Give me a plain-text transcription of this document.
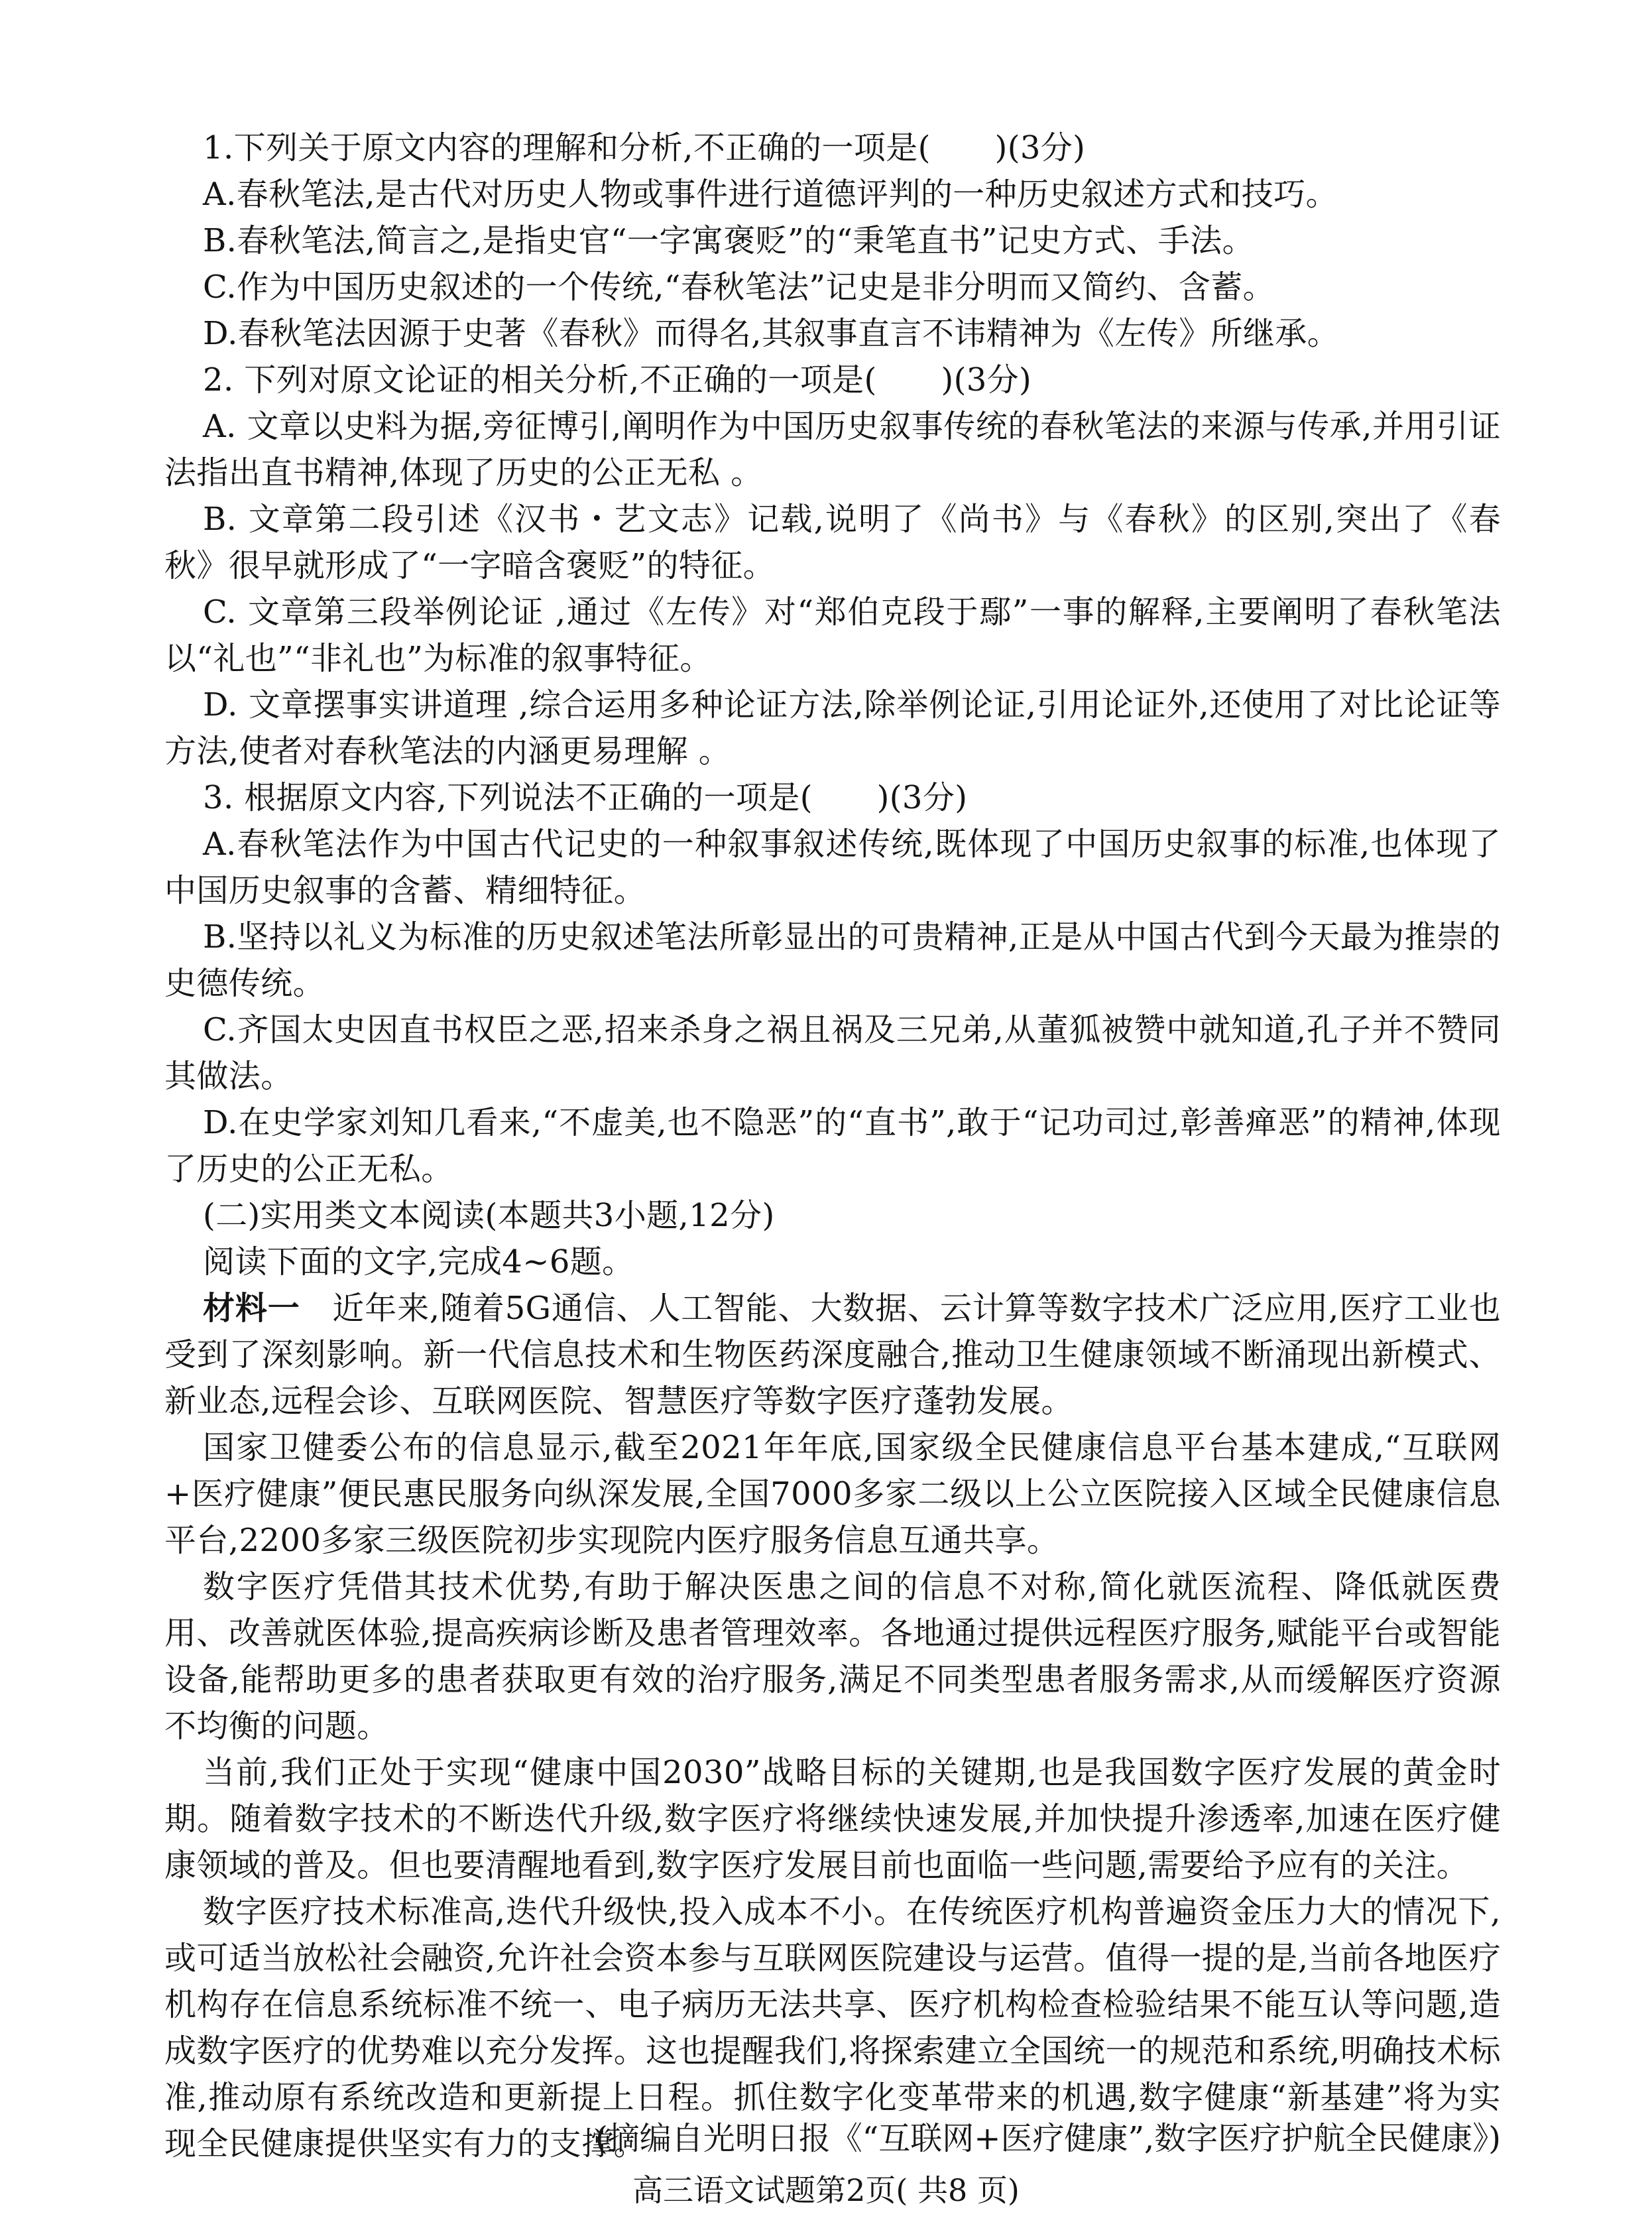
1.下列关于原文内容的理解和分析,不正确的一项是(　　)(3分)

A.春秋笔法,是古代对历史人物或事件进行道德评判的一种历史叙述方式和技巧。

B.春秋笔法,简言之,是指史官“一字寓褒贬”的“秉笔直书”记史方式、手法。

C.作为中国历史叙述的一个传统,“春秋笔法”记史是非分明而又简约、含蓄。

D.春秋笔法因源于史著《春秋》而得名,其叙事直言不讳精神为《左传》所继承。

2. 下列对原文论证的相关分析,不正确的一项是(　　)(3分)

A. 文章以史料为据,旁征博引,阐明作为中国历史叙事传统的春秋笔法的来源与传承,并用引证法指出直书精神,体现了历史的公正无私 。

B. 文章第二段引述《汉书・艺文志》记载,说明了《尚书》与《春秋》的区别,突出了《春秋》很早就形成了“一字暗含褒贬”的特征。

C. 文章第三段举例论证 ,通过《左传》对“郑伯克段于鄢”一事的解释,主要阐明了春秋笔法以“礼也”“非礼也”为标准的叙事特征。

D. 文章摆事实讲道理 ,综合运用多种论证方法,除举例论证,引用论证外,还使用了对比论证等方法,使者对春秋笔法的内涵更易理解 。

3. 根据原文内容,下列说法不正确的一项是(　　)(3分)

A.春秋笔法作为中国古代记史的一种叙事叙述传统,既体现了中国历史叙事的标准,也体现了中国历史叙事的含蓄、精细特征。

B.坚持以礼义为标准的历史叙述笔法所彰显出的可贵精神,正是从中国古代到今天最为推崇的史德传统。

C.齐国太史因直书权臣之恶,招来杀身之祸且祸及三兄弟,从董狐被赞中就知道,孔子并不赞同其做法。

D.在史学家刘知几看来,“不虚美,也不隐恶”的“直书”,敢于“记功司过,彰善瘅恶”的精神,体现了历史的公正无私。

(二)实用类文本阅读(本题共3小题,12分)

阅读下面的文字,完成4~6题。

材料一　近年来,随着5G通信、人工智能、大数据、云计算等数字技术广泛应用,医疗工业也受到了深刻影响。新一代信息技术和生物医药深度融合,推动卫生健康领域不断涌现出新模式、新业态,远程会诊、互联网医院、智慧医疗等数字医疗蓬勃发展。

国家卫健委公布的信息显示,截至2021年年底,国家级全民健康信息平台基本建成,“互联网+医疗健康”便民惠民服务向纵深发展,全国7000多家二级以上公立医院接入区域全民健康信息平台,2200多家三级医院初步实现院内医疗服务信息互通共享。

数字医疗凭借其技术优势,有助于解决医患之间的信息不对称,简化就医流程、降低就医费用、改善就医体验,提高疾病诊断及患者管理效率。各地通过提供远程医疗服务,赋能平台或智能设备,能帮助更多的患者获取更有效的治疗服务,满足不同类型患者服务需求,从而缓解医疗资源不均衡的问题。

当前,我们正处于实现“健康中国2030”战略目标的关键期,也是我国数字医疗发展的黄金时期。随着数字技术的不断迭代升级,数字医疗将继续快速发展,并加快提升渗透率,加速在医疗健康领域的普及。但也要清醒地看到,数字医疗发展目前也面临一些问题,需要给予应有的关注。

数字医疗技术标准高,迭代升级快,投入成本不小。在传统医疗机构普遍资金压力大的情况下,或可适当放松社会融资,允许社会资本参与互联网医院建设与运营。值得一提的是,当前各地医疗机构存在信息系统标准不统一、电子病历无法共享、医疗机构检查检验结果不能互认等问题,造成数字医疗的优势难以充分发挥。这也提醒我们,将探索建立全国统一的规范和系统,明确技术标准,推动原有系统改造和更新提上日程。抓住数字化变革带来的机遇,数字健康“新基建”将为实现全民健康提供坚实有力的支撑。

(摘编自光明日报《“互联网+医疗健康”,数字医疗护航全民健康》)
高三语文试题第2页( 共8 页)
